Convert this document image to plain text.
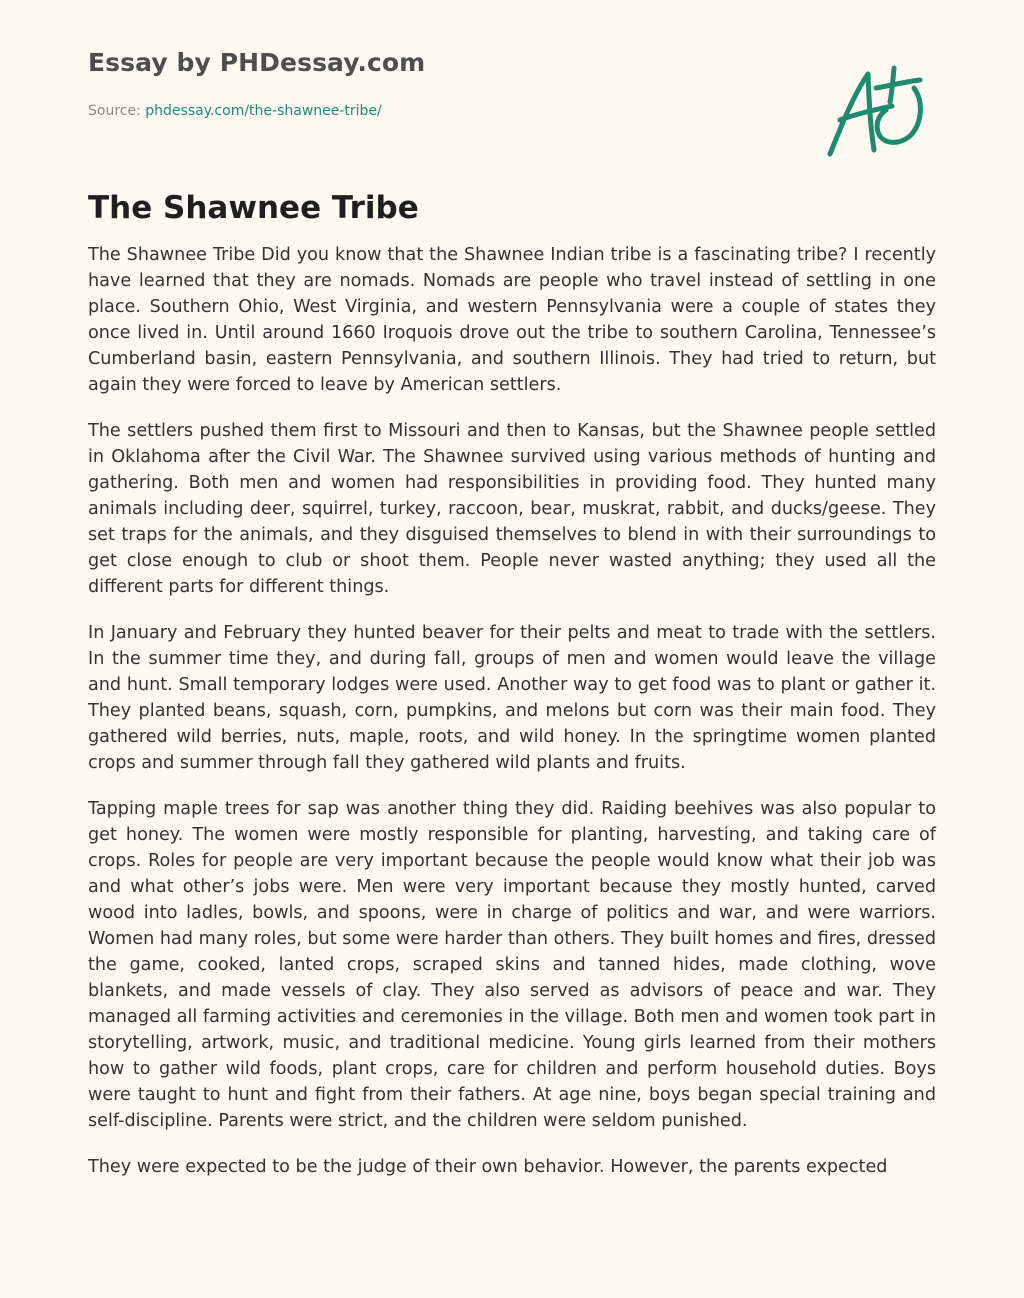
Essay by PHDessay.com
Source: phdessay.com/the-shawnee-tribe/
The Shawnee Tribe

The Shawnee Tribe Did you know that the Shawnee Indian tribe is a fascinating tribe? I recently have learned that they are nomads. Nomads are people who travel instead of settling in one place. Southern Ohio, West Virginia, and western Pennsylvania were a couple of states they once lived in. Until around 1660 Iroquois drove out the tribe to southern Carolina, Tennessee’s Cumberland basin, eastern Pennsylvania, and southern Illinois. They had tried to return, but again they were forced to leave by American settlers.

The settlers pushed them first to Missouri and then to Kansas, but the Shawnee people settled in Oklahoma after the Civil War. The Shawnee survived using various methods of hunting and gathering. Both men and women had responsibilities in providing food. They hunted many animals including deer, squirrel, turkey, raccoon, bear, muskrat, rabbit, and ducks/geese. They set traps for the animals, and they disguised themselves to blend in with their surroundings to get close enough to club or shoot them. People never wasted anything; they used all the different parts for different things.

In January and February they hunted beaver for their pelts and meat to trade with the settlers. In the summer time they, and during fall, groups of men and women would leave the village and hunt. Small temporary lodges were used. Another way to get food was to plant or gather it. They planted beans, squash, corn, pumpkins, and melons but corn was their main food. They gathered wild berries, nuts, maple, roots, and wild honey. In the springtime women planted crops and summer through fall they gathered wild plants and fruits.

Tapping maple trees for sap was another thing they did. Raiding beehives was also popular to get honey. The women were mostly responsible for planting, harvesting, and taking care of crops. Roles for people are very important because the people would know what their job was and what other’s jobs were. Men were very important because they mostly hunted, carved wood into ladles, bowls, and spoons, were in charge of politics and war, and were warriors. Women had many roles, but some were harder than others. They built homes and fires, dressed the game, cooked, lanted crops, scraped skins and tanned hides, made clothing, wove blankets, and made vessels of clay. They also served as advisors of peace and war. They managed all farming activities and ceremonies in the village. Both men and women took part in storytelling, artwork, music, and traditional medicine. Young girls learned from their mothers how to gather wild foods, plant crops, care for children and perform household duties. Boys were taught to hunt and fight from their fathers. At age nine, boys began special training and self-discipline. Parents were strict, and the children were seldom punished.

They were expected to be the judge of their own behavior. However, the parents expected
